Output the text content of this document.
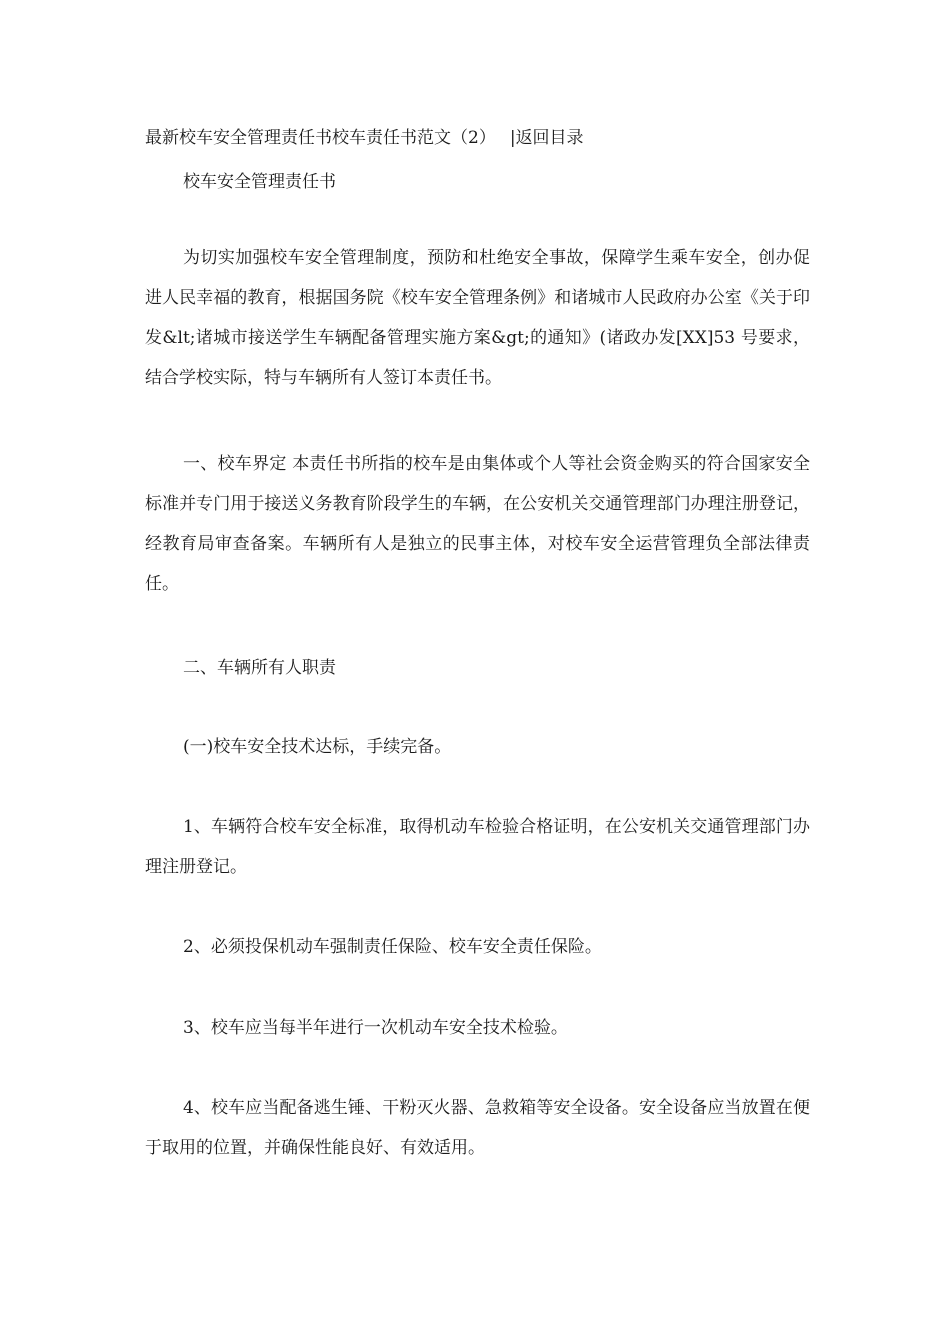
最新校车安全管理责任书校车责任书范文（2） |返回目录
校车安全管理责任书

为切实加强校车安全管理制度，预防和杜绝安全事故，保障学生乘车安全，创办促进人民幸福的教育，根据国务院《校车安全管理条例》和诸城市人民政府办公室《关于印发&lt;诸城市接送学生车辆配备管理实施方案&gt;的通知》(诸政办发[XX]53 号要求，结合学校实际，特与车辆所有人签订本责任书。

一、校车界定 本责任书所指的校车是由集体或个人等社会资金购买的符合国家安全标准并专门用于接送义务教育阶段学生的车辆，在公安机关交通管理部门办理注册登记，经教育局审查备案。车辆所有人是独立的民事主体，对校车安全运营管理负全部法律责任。

二、车辆所有人职责

(一)校车安全技术达标，手续完备。

1、车辆符合校车安全标准，取得机动车检验合格证明，在公安机关交通管理部门办理注册登记。

2、必须投保机动车强制责任保险、校车安全责任保险。

3、校车应当每半年进行一次机动车安全技术检验。

4、校车应当配备逃生锤、干粉灭火器、急救箱等安全设备。安全设备应当放置在便于取用的位置，并确保性能良好、有效适用。
